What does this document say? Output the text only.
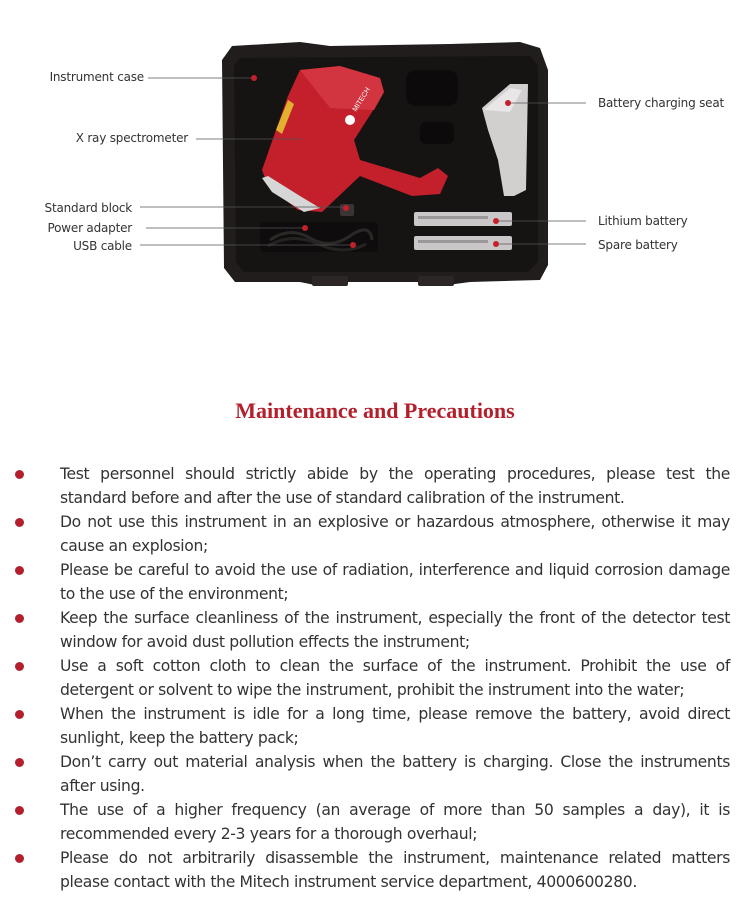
MITECH
Instrument case
X ray spectrometer
Standard block
Power adapter
USB cable
Battery charging seat
Lithium battery
Spare battery
Maintenance and Precautions
Test personnel should strictly abide by the operating procedures, please test the standard before and after the use of standard calibration of the instrument.
Do not use this instrument in an explosive or hazardous atmosphere, otherwise it may cause an explosion;
Please be careful to avoid the use of radiation, interference and liquid corrosion damage to the use of the environment;
Keep the surface cleanliness of the instrument, especially the front of the detector test window for avoid dust pollution effects the instrument;
Use a soft cotton cloth to clean the surface of the instrument. Prohibit the use of detergent or solvent to wipe the instrument, prohibit the instrument into the water;
When the instrument is idle for a long time, please remove the battery, avoid direct sunlight, keep the battery pack;
Don’t carry out material analysis when the battery is charging. Close the instruments after using.
The use of a higher frequency (an average of more than 50 samples a day), it is recommended every 2-3 years for a thorough overhaul;
Please do not arbitrarily disassemble the instrument, maintenance related matters please contact with the Mitech instrument service department, 4000600280.
